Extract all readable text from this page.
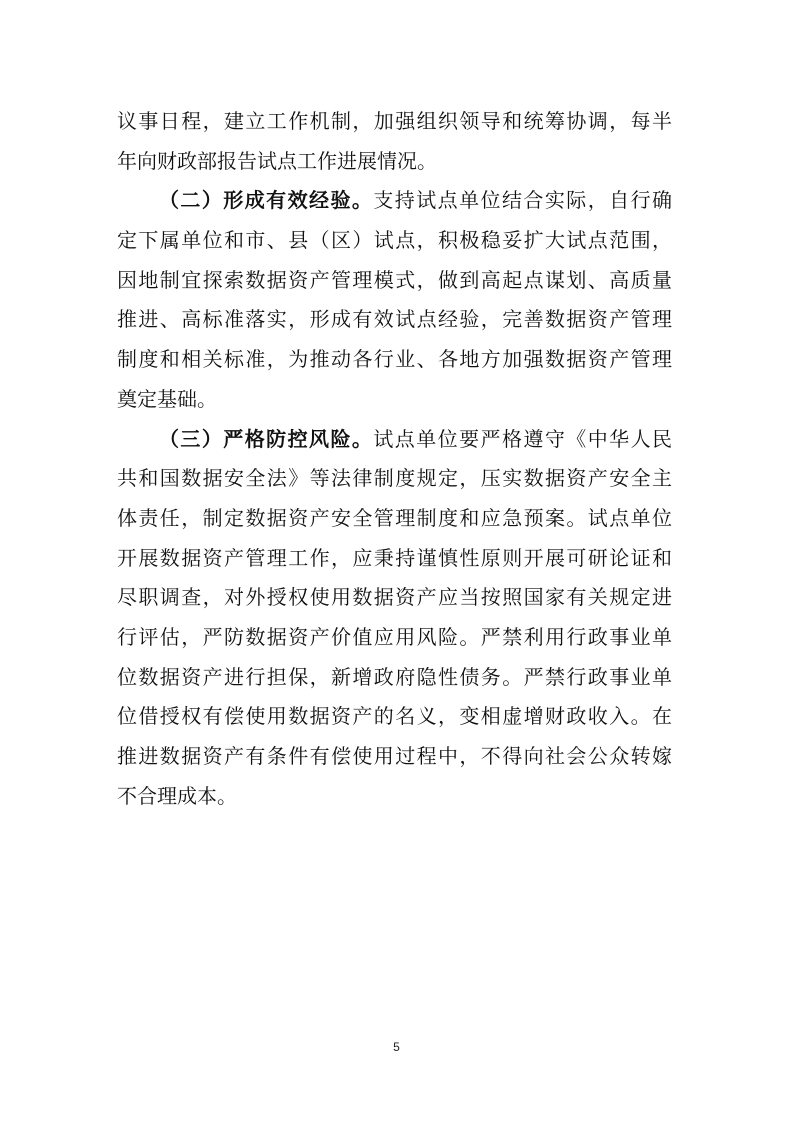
议事日程，建立工作机制，加强组织领导和统筹协调，每半
年向财政部报告试点工作进展情况。
（二）形成有效经验。支持试点单位结合实际，自行确
定下属单位和市、县（区）试点，积极稳妥扩大试点范围，
因地制宜探索数据资产管理模式，做到高起点谋划、高质量
推进、高标准落实，形成有效试点经验，完善数据资产管理
制度和相关标准，为推动各行业、各地方加强数据资产管理
奠定基础。
（三）严格防控风险。试点单位要严格遵守《中华人民
共和国数据安全法》等法律制度规定，压实数据资产安全主
体责任，制定数据资产安全管理制度和应急预案。试点单位
开展数据资产管理工作，应秉持谨慎性原则开展可研论证和
尽职调查，对外授权使用数据资产应当按照国家有关规定进
行评估，严防数据资产价值应用风险。严禁利用行政事业单
位数据资产进行担保，新增政府隐性债务。严禁行政事业单
位借授权有偿使用数据资产的名义，变相虚增财政收入。在
推进数据资产有条件有偿使用过程中，不得向社会公众转嫁
不合理成本。
5
